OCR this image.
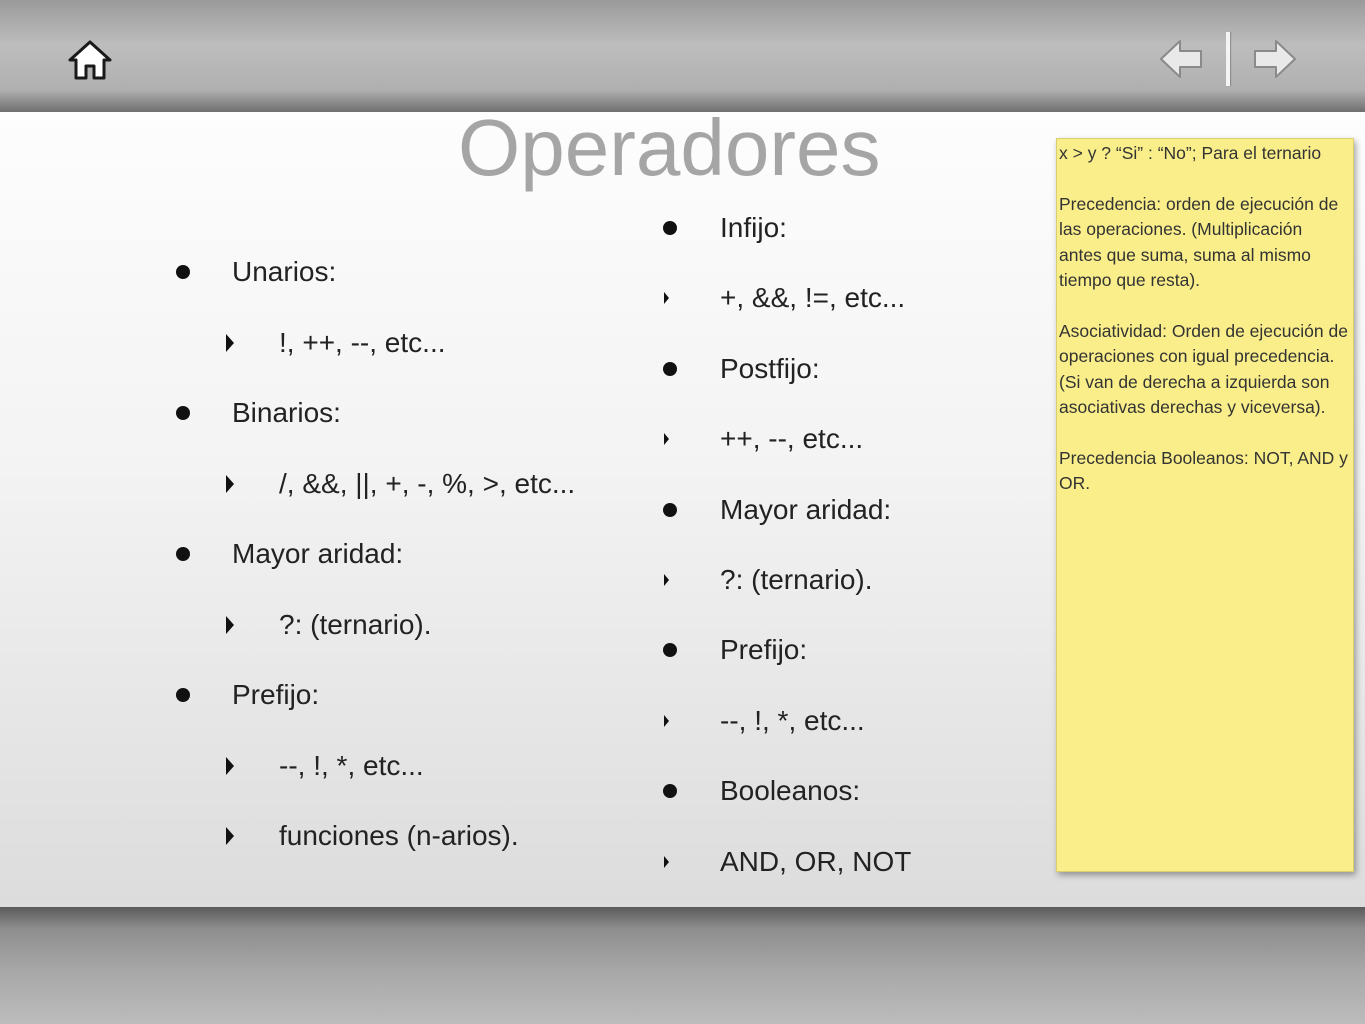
Operadores
Unarios:
!, ++, --, etc...
Binarios:
/, &&, ||, +, -, %, >, etc...
Mayor aridad:
?: (ternario).
Prefijo:
--, !, *, etc...
funciones (n-arios).
Infijo:
+, &&, !=, etc...
Postfijo:
++, --, etc...
Mayor aridad:
?: (ternario).
Prefijo:
--, !, *, etc...
Booleanos:
AND, OR, NOT

x > y ? “Si” : “No”; Para el ternario

Precedencia: orden de ejecución de las operaciones. (Multiplicación antes que suma, suma al mismo tiempo que resta).

Asociatividad: Orden de ejecución de operaciones con igual precedencia. (Si van de derecha a izquierda son asociativas derechas y viceversa).

Precedencia Booleanos: NOT, AND y OR.
